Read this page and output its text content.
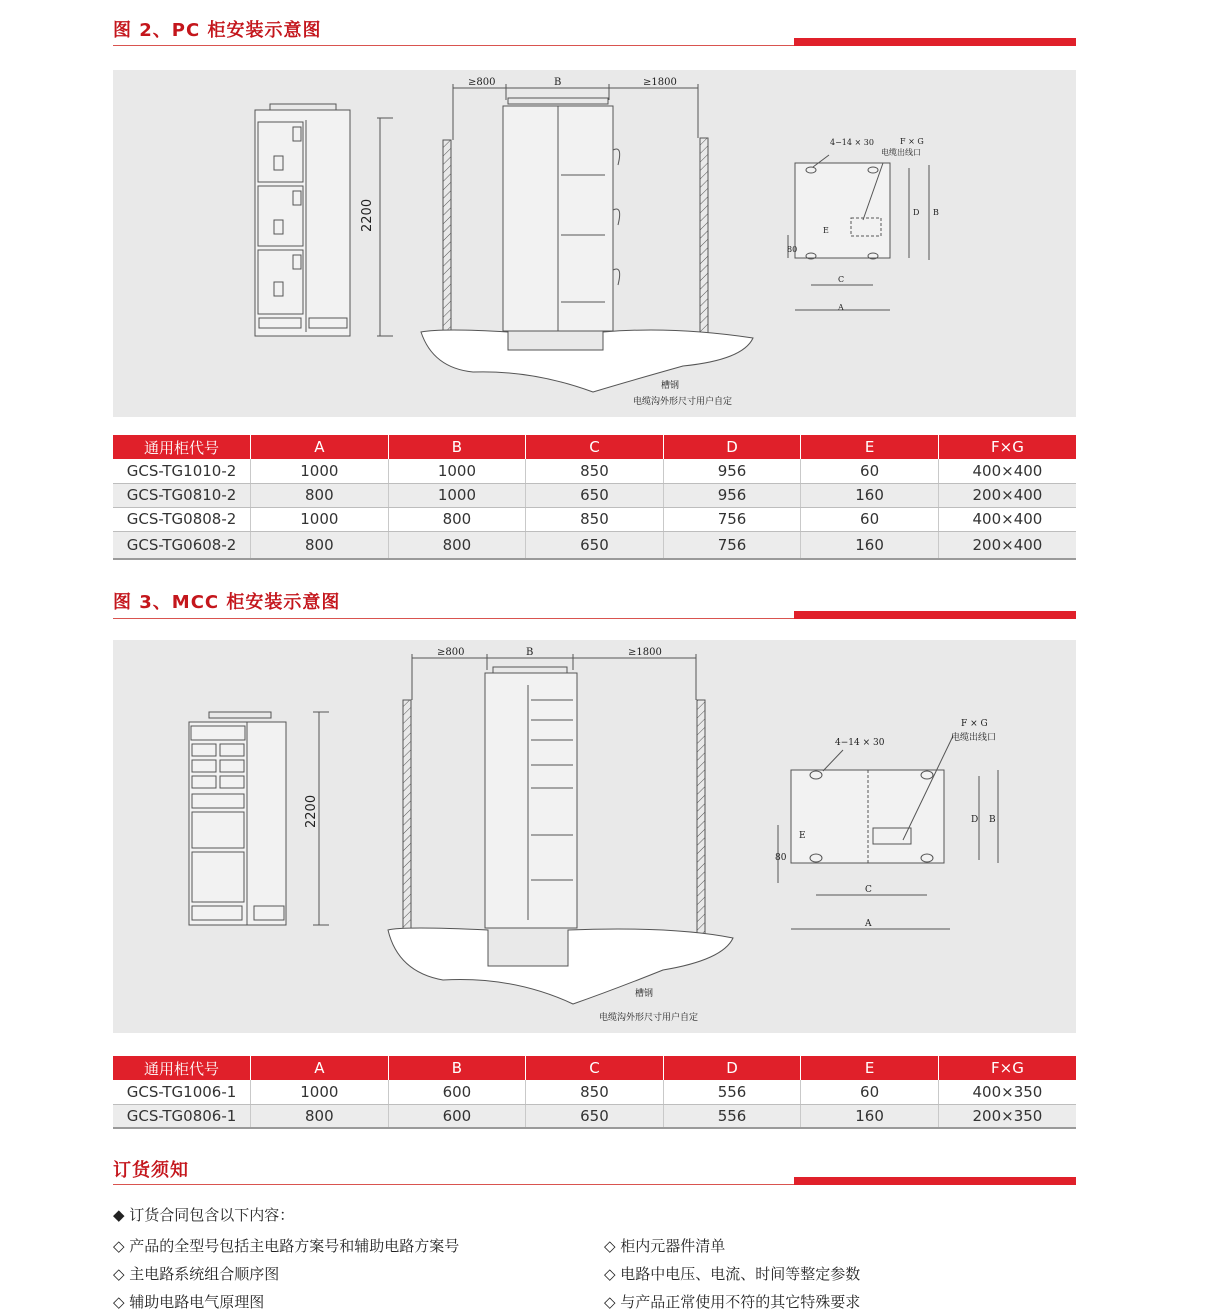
图 2、PC 柜安装示意图
2200
≥800	B	≥1800
4−14 × 30	F × G
电缆出线口
E
C
A
D B
80
槽钢
电缆沟外形尺寸用户自定
通用柜代号	A	B	C	D	E	F×G
GCS-TG1010-2	1000	1000	850	956	60	400×400
GCS-TG0810-2	800	1000	650	956	160	200×400
GCS-TG0808-2	1000	800	850	756	60	400×400
GCS-TG0608-2	800	800	650	756	160	200×400
图 3、MCC 柜安装示意图
2200
≥800	B	≥1800
4−14 × 30
F × G
电缆出线口
E
C
A
D B
80
槽钢
电缆沟外形尺寸用户自定
通用柜代号	A	B	C	D	E	F×G
GCS-TG1006-1	1000	600	850	556	60	400×350
GCS-TG0806-1	800	600	650	556	160	200×350
订货须知
◆ 订货合同包含以下内容：
◇ 产品的全型号包括主电路方案号和辅助电路方案号
◇ 主电路系统组合顺序图
◇ 辅助电路电气原理图
◇ 柜内元器件清单
◇ 电路中电压、电流、时间等整定参数
◇ 与产品正常使用不符的其它特殊要求
